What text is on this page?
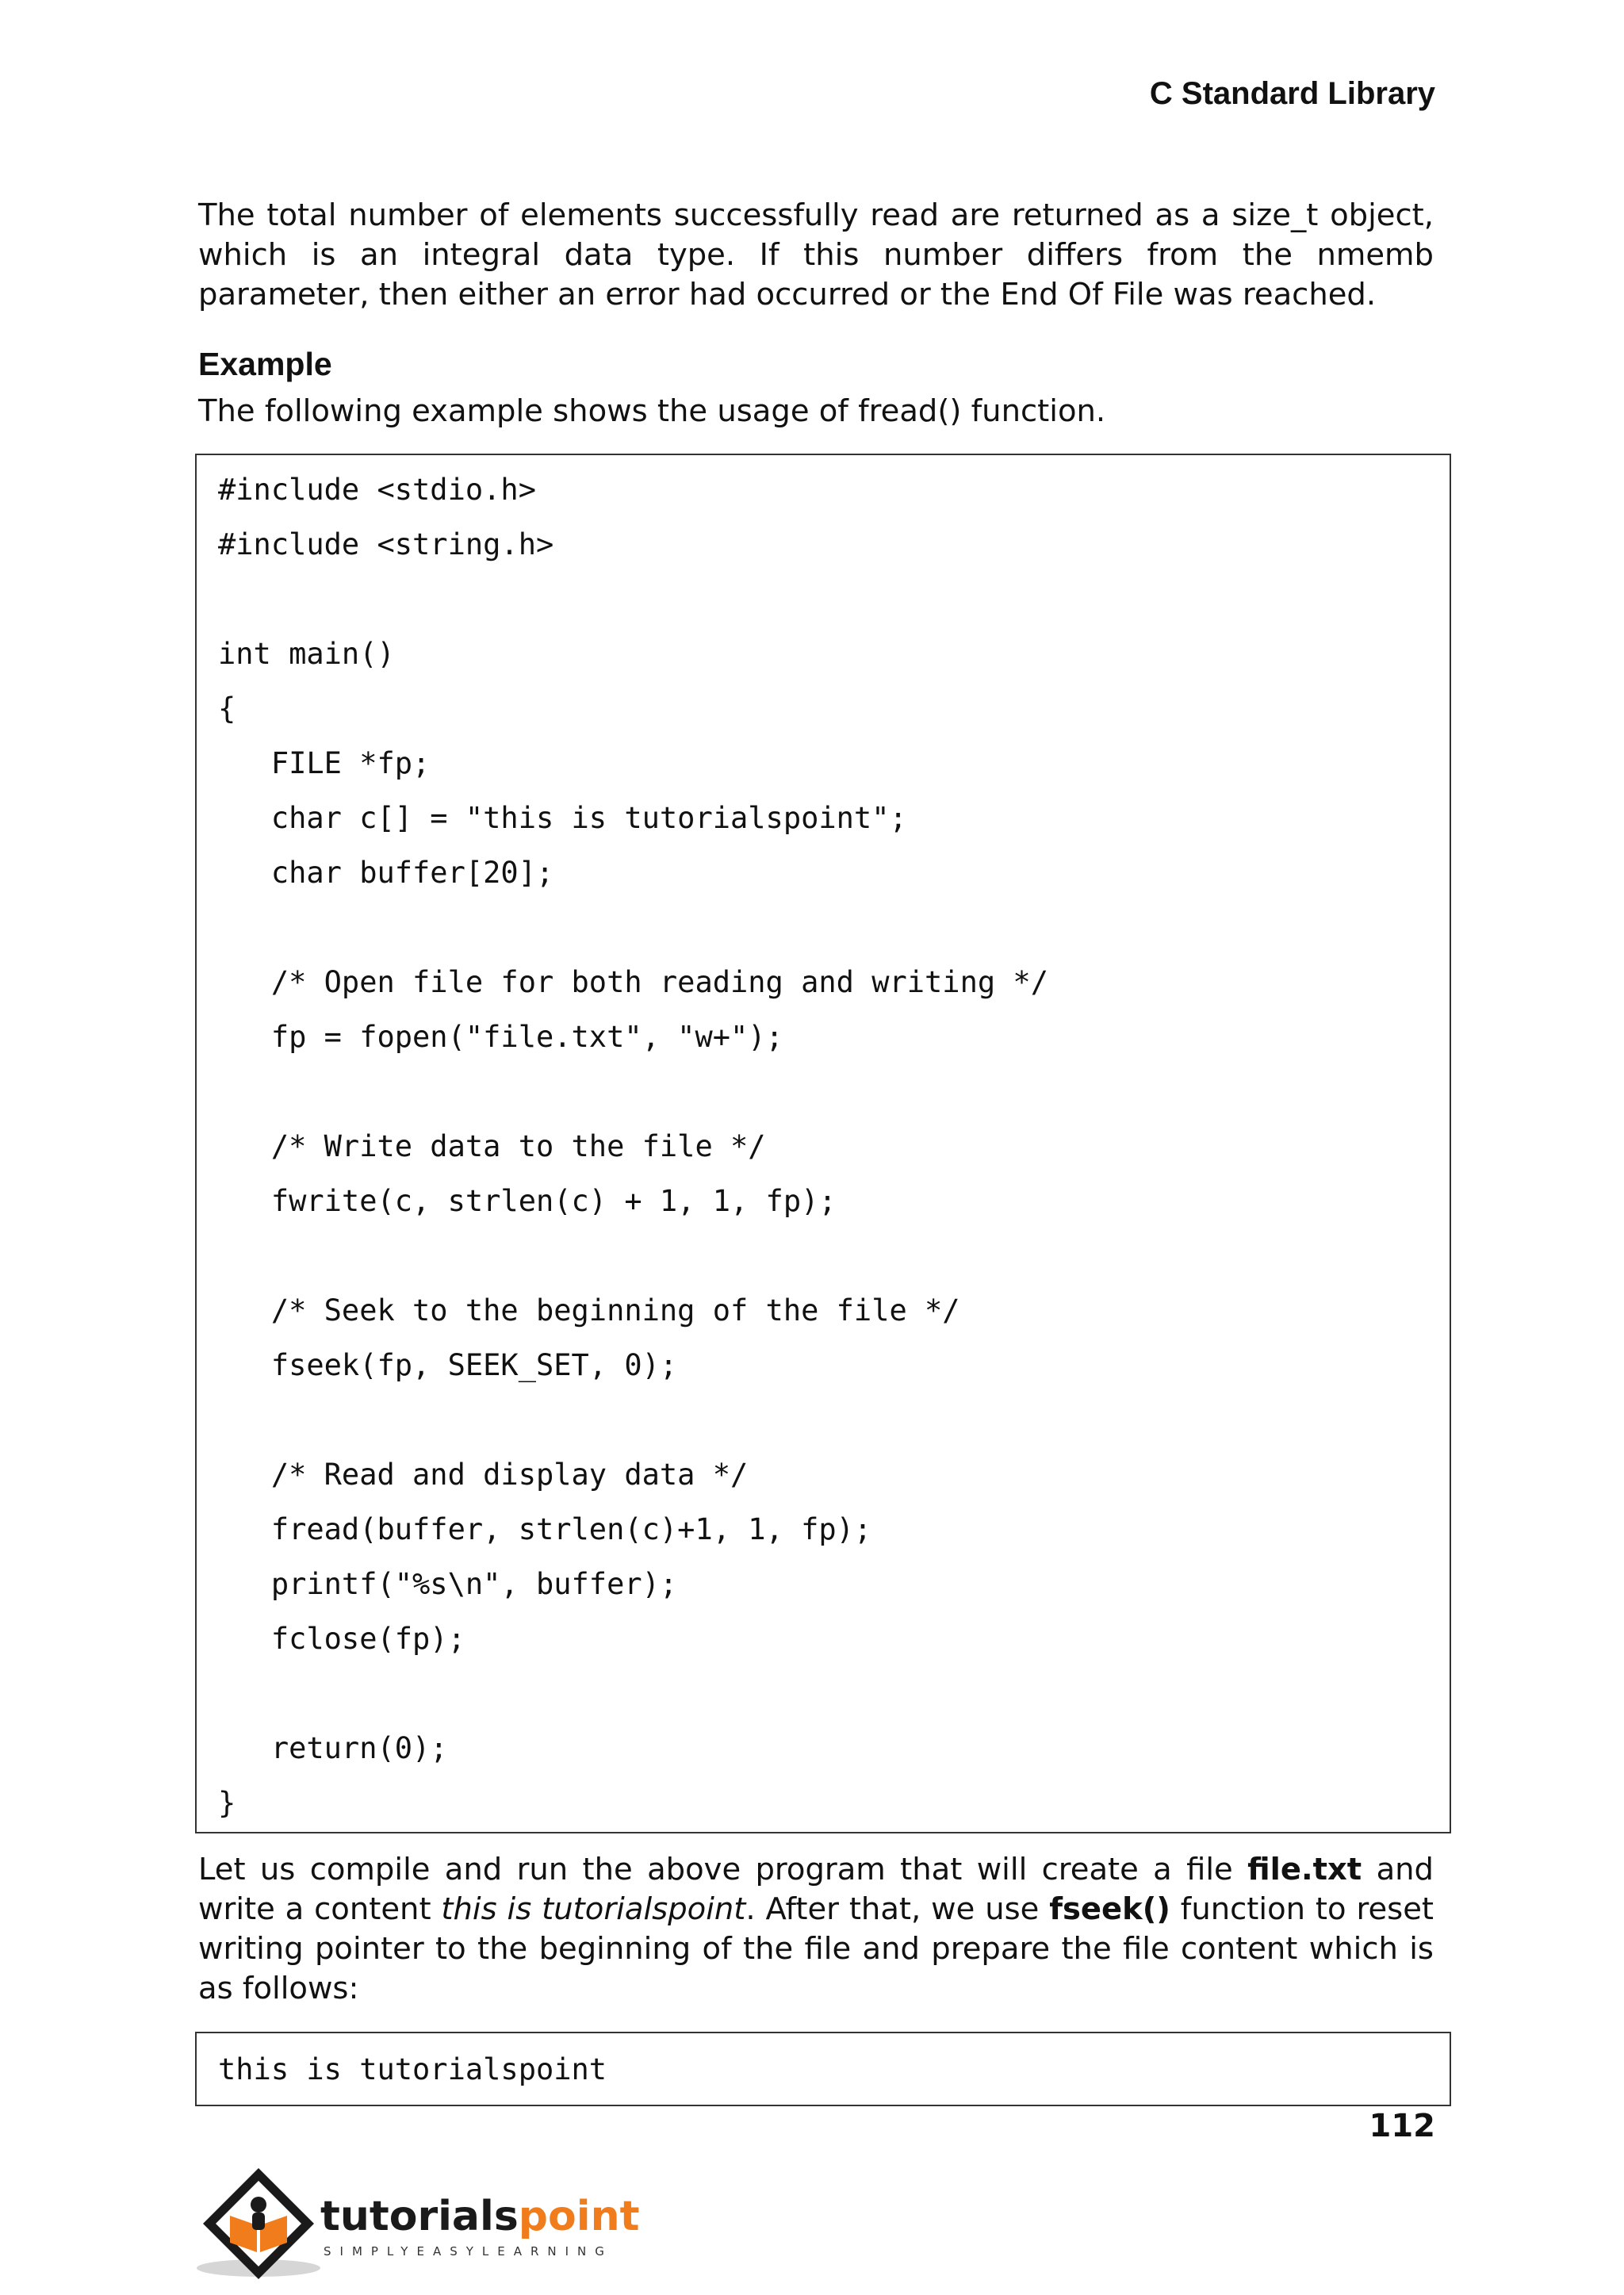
C Standard Library

The total number of elements successfully read are returned as a size_t object, which is an integral data type. If this number differs from the nmemb parameter, then either an error had occurred or the End Of File was reached.

Example

The following example shows the usage of fread() function.

#include <stdio.h>
#include <string.h>
int main()
{
FILE *fp;
char c[] = "this is tutorialspoint";
char buffer[20];
/* Open file for both reading and writing */
fp = fopen("file.txt", "w+");
/* Write data to the file */
fwrite(c, strlen(c) + 1, 1, fp);
/* Seek to the beginning of the file */
fseek(fp, SEEK_SET, 0);
/* Read and display data */
fread(buffer, strlen(c)+1, 1, fp);
printf("%s\n", buffer);
fclose(fp);
return(0);
}

Let us compile and run the above program that will create a file file.txt and write a content this is tutorialspoint. After that, we use fseek() function to reset writing pointer to the beginning of the file and prepare the file content which is as follows:

this is tutorialspoint
112
tutorialspoint
SIMPLYEASYLEARNING
